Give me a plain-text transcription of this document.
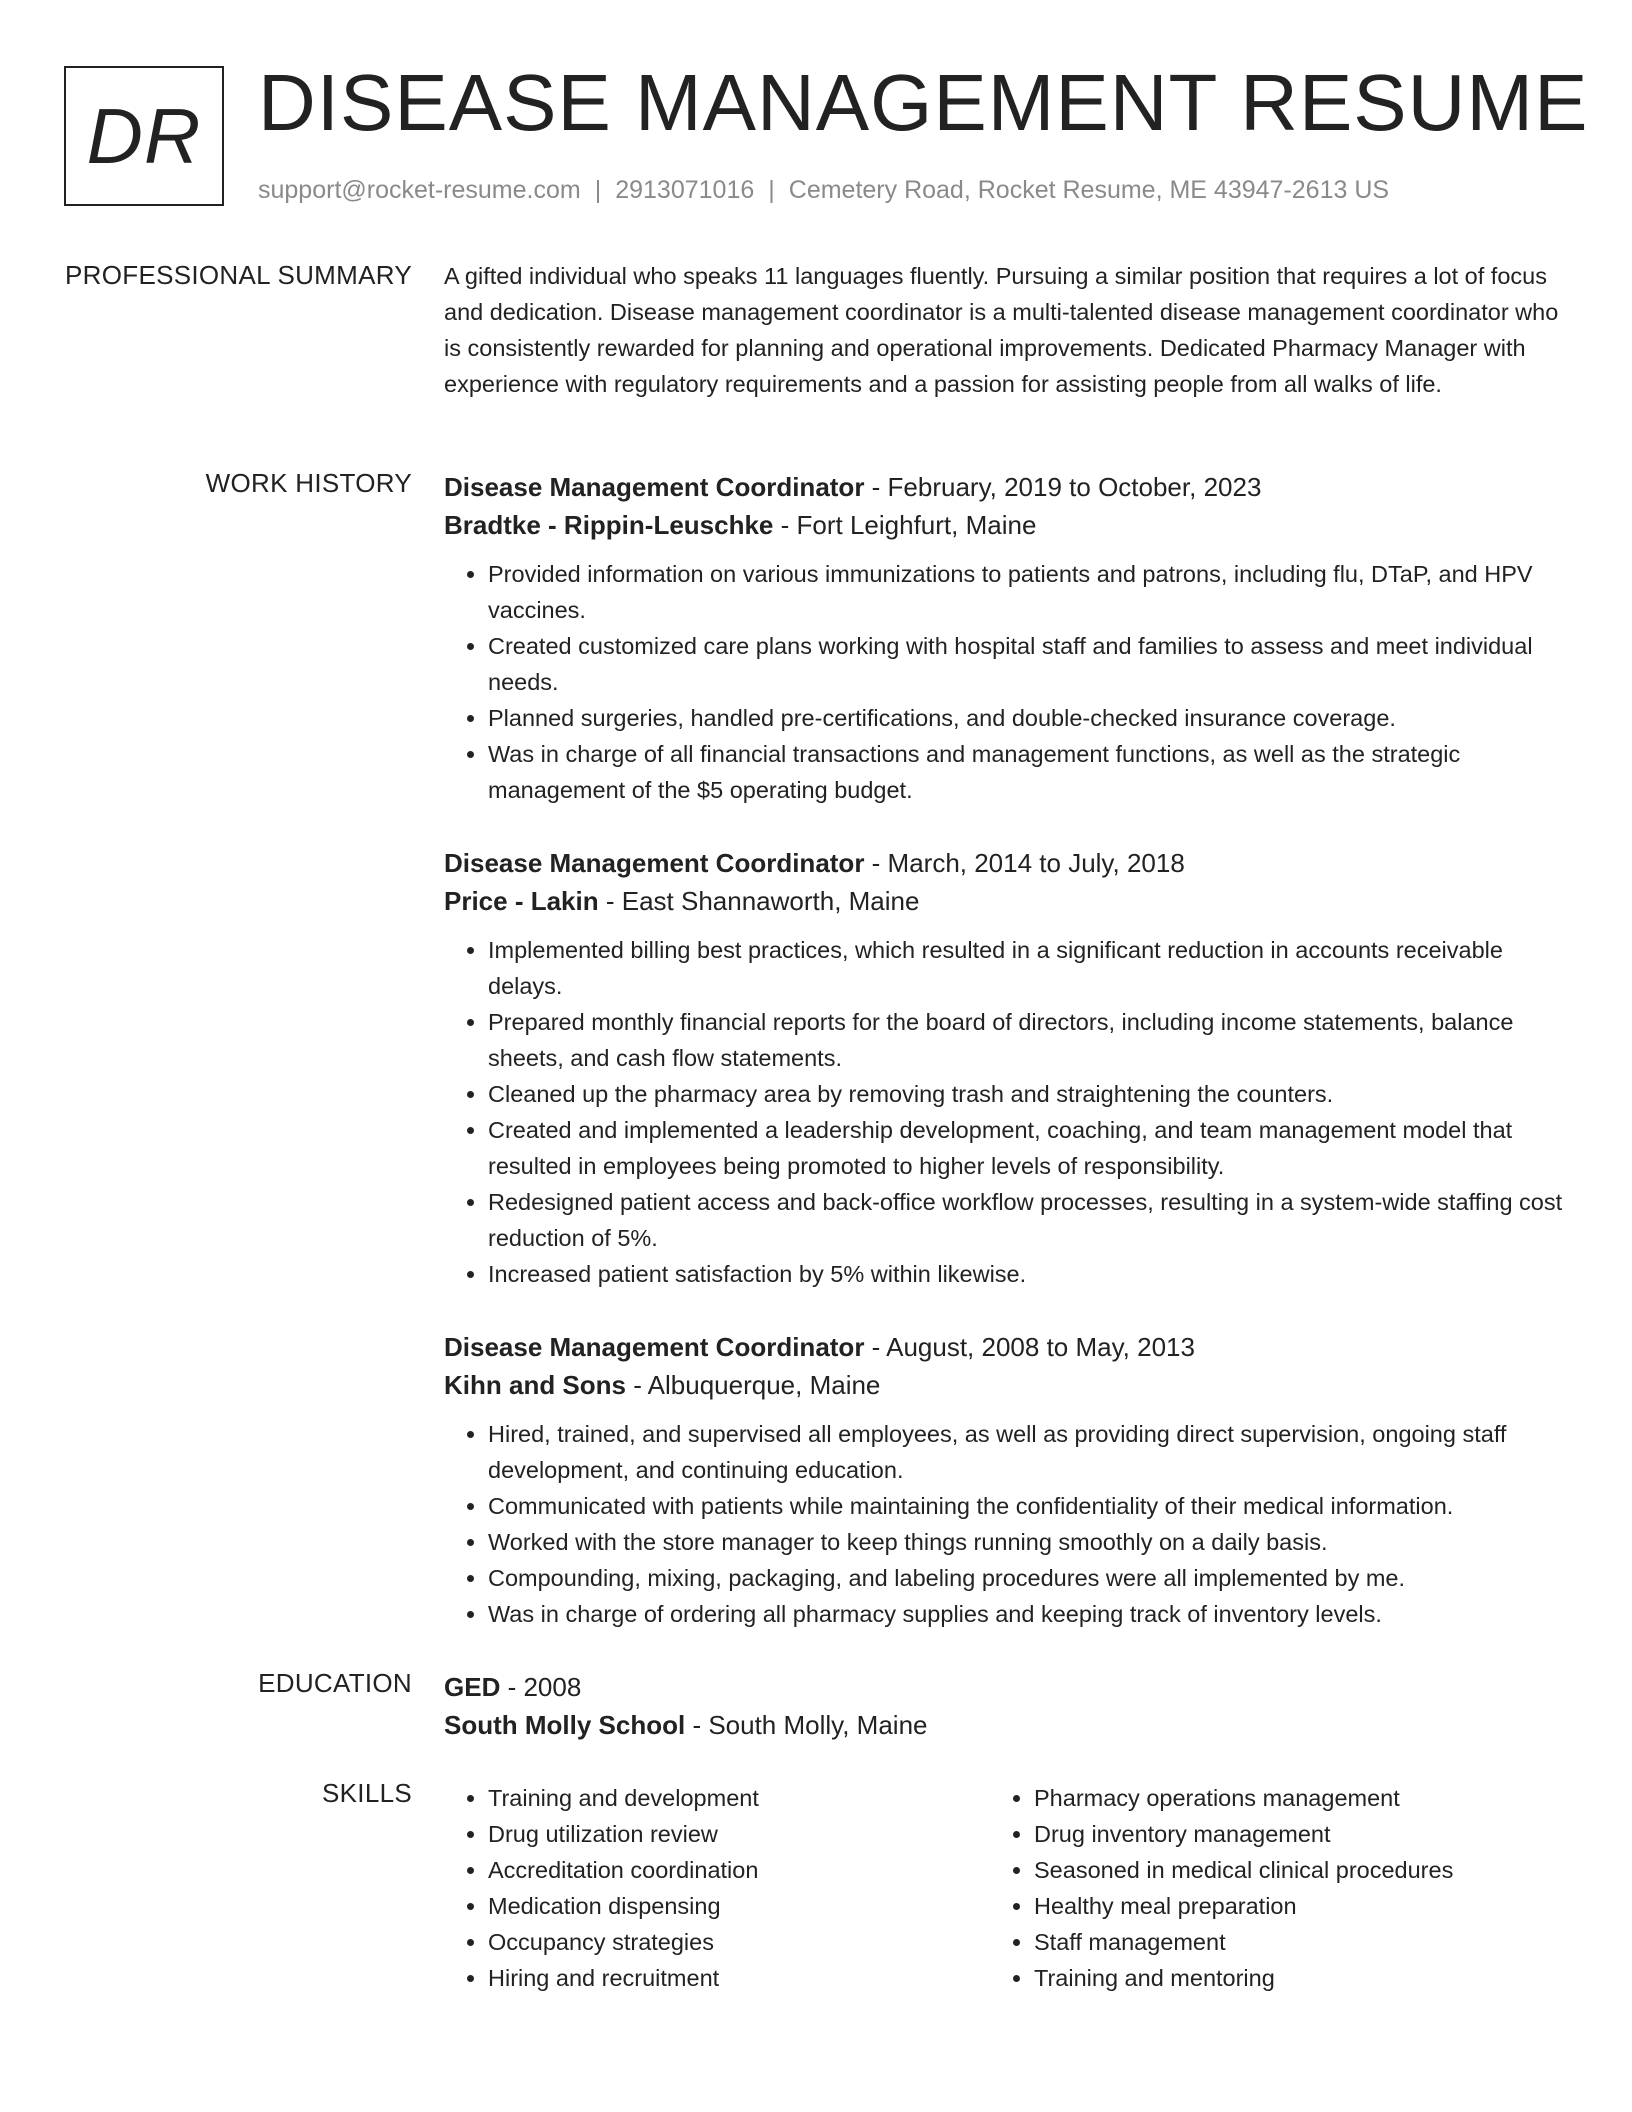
DR DISEASE MANAGEMENT RESUME
support@rocket-resume.com | 2913071016 | Cemetery Road, Rocket Resume, ME 43947-2613 US
PROFESSIONAL SUMMARY A gifted individual who speaks 11 languages fluently. Pursuing a similar position that requires a lot of focus and dedication. Disease management coordinator is a multi-talented disease management coordinator who is consistently rewarded for planning and operational improvements. Dedicated Pharmacy Manager with experience with regulatory requirements and a passion for assisting people from all walks of life.

WORK HISTORY Disease Management Coordinator - February, 2019 to October, 2023
Bradtke - Rippin-Leuschke - Fort Leighfurt, Maine
• Provided information on various immunizations to patients and patrons, including flu, DTaP, and HPV vaccines.
• Created customized care plans working with hospital staff and families to assess and meet individual needs.
• Planned surgeries, handled pre-certifications, and double-checked insurance coverage.
• Was in charge of all financial transactions and management functions, as well as the strategic management of the $5 operating budget.
Disease Management Coordinator - March, 2014 to July, 2018
Price - Lakin - East Shannaworth, Maine
• Implemented billing best practices, which resulted in a significant reduction in accounts receivable delays.
• Prepared monthly financial reports for the board of directors, including income statements, balance sheets, and cash flow statements.
• Cleaned up the pharmacy area by removing trash and straightening the counters.
• Created and implemented a leadership development, coaching, and team management model that resulted in employees being promoted to higher levels of responsibility.
• Redesigned patient access and back-office workflow processes, resulting in a system-wide staffing cost reduction of 5%.
• Increased patient satisfaction by 5% within likewise.
Disease Management Coordinator - August, 2008 to May, 2013
Kihn and Sons - Albuquerque, Maine
• Hired, trained, and supervised all employees, as well as providing direct supervision, ongoing staff development, and continuing education.
• Communicated with patients while maintaining the confidentiality of their medical information.
• Worked with the store manager to keep things running smoothly on a daily basis.
• Compounding, mixing, packaging, and labeling procedures were all implemented by me.
• Was in charge of ordering all pharmacy supplies and keeping track of inventory levels.
EDUCATION GED - 2008
South Molly School - South Molly, Maine
SKILLS
•	Training and development
• Drug utilization review
• Accreditation coordination
• Medication dispensing
• Occupancy strategies
• Hiring and recruitment
• Pharmacy operations management
• Drug inventory management
• Seasoned in medical clinical procedures
• Healthy meal preparation
• Staff management
• Training and mentoring
